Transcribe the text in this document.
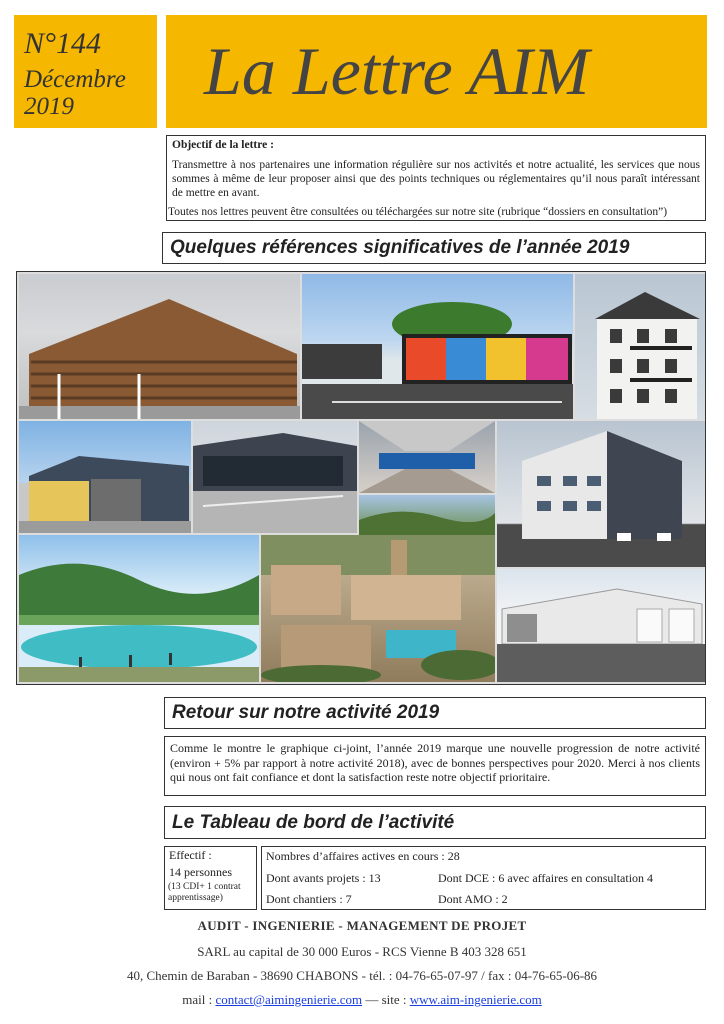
N°144
Décembre
2019 La Lettre AIM
Objectif de la lettre :
Transmettre à nos partenaires une information régulière sur nos activités et notre actualité, les services que nous sommes à même de leur proposer ainsi que des points techniques ou réglementaires qu’il nous paraît intéressant de mettre en avant.
Toutes nos lettres peuvent être consultées ou téléchargées sur notre site (rubrique “dossiers en consultation”)
Quelques références significatives de l’année 2019
Retour sur notre activité 2019
Comme le montre le graphique ci-joint, l’année 2019 marque une nouvelle progression de notre activité (environ + 5% par rapport à notre activité 2018), avec de bonnes perspectives pour 2020. Merci à nos clients qui nous ont fait confiance et dont la satisfaction reste notre objectif prioritaire.
Le Tableau de bord de l’activité
Effectif :
14 personnes
(13 CDI+ 1 contrat apprentissage)
Nombres d’affaires actives en cours : 28
Dont avants projets : 13	Dont DCE : 6 avec affaires en consultation 4
Dont chantiers : 7	Dont AMO : 2
AUDIT - INGENIERIE - MANAGEMENT DE PROJET
SARL au capital de 30 000 Euros - RCS Vienne B 403 328 651
40, Chemin de Baraban - 38690 CHABONS - tél. : 04-76-65-07-97 / fax : 04-76-65-06-86
mail : contact@aimingenierie.com — site : www.aim-ingenierie.com
